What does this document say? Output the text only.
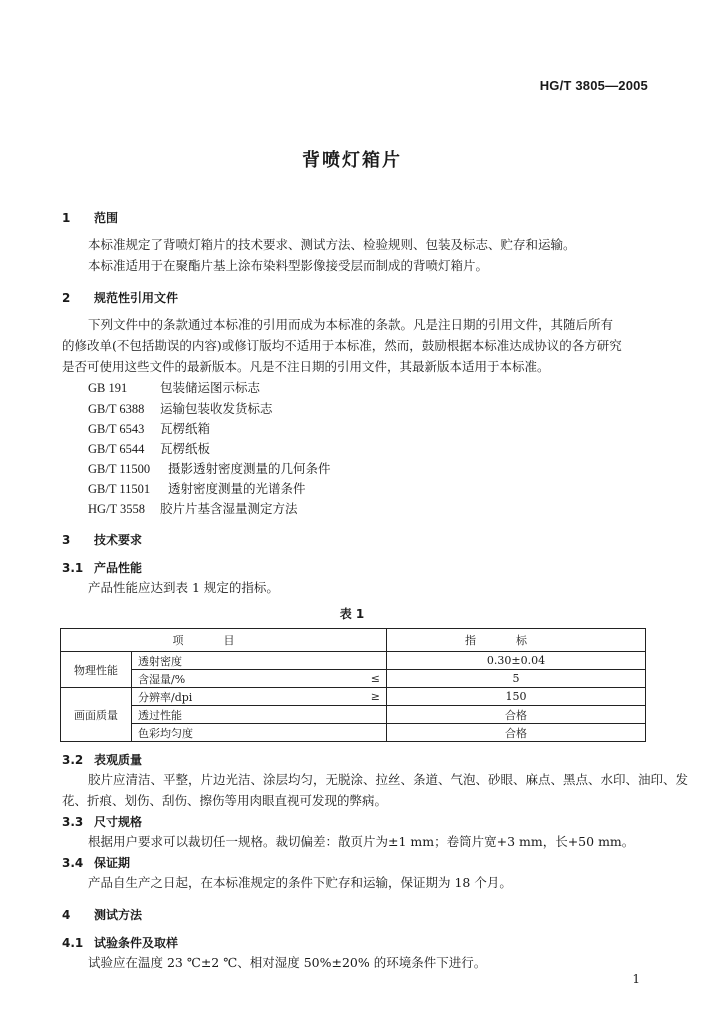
HG/T 3805—2005
背喷灯箱片
1 范围
本标准规定了背喷灯箱片的技术要求、测试方法、检验规则、包装及标志、贮存和运输。
本标准适用于在聚酯片基上涂布染料型影像接受层而制成的背喷灯箱片。
2 规范性引用文件
下列文件中的条款通过本标准的引用而成为本标准的条款。凡是注日期的引用文件，其随后所有
的修改单(不包括勘误的内容)或修订版均不适用于本标准，然而，鼓励根据本标准达成协议的各方研究
是否可使用这些文件的最新版本。凡是不注日期的引用文件，其最新版本适用于本标准。
GB 191	包装储运图示标志
GB/T 6388 运输包装收发货标志
GB/T 6543 瓦楞纸箱
GB/T 6544 瓦楞纸板
GB/T 11500 摄影透射密度测量的几何条件
GB/T 11501 透射密度测量的光谱条件
HG/T 3558 胶片片基含湿量测定方法
3 技术要求
3.1 产品性能
产品性能应达到表 1 规定的指标。
表 1
项目			指标
物理性能	透射密度		0.30±0.04
	含湿量/%	≤	5
画面质量	分辨率/dpi	≥	150
	透过性能		合格
	色彩均匀度		合格
3.2 表观质量
胶片应清洁、平整，片边光洁、涂层均匀，无脱涂、拉丝、条道、气泡、砂眼、麻点、黑点、水印、油印、发
花、折痕、划伤、刮伤、擦伤等用肉眼直视可发现的弊病。
3.3 尺寸规格
根据用户要求可以裁切任一规格。裁切偏差：散页片为±1 mm；卷筒片宽+3 mm，长+50 mm。
3.4 保证期
产品自生产之日起，在本标准规定的条件下贮存和运输，保证期为 18 个月。
4 测试方法
4.1 试验条件及取样
试验应在温度 23 ℃±2 ℃、相对湿度 50%±20% 的环境条件下进行。
1
